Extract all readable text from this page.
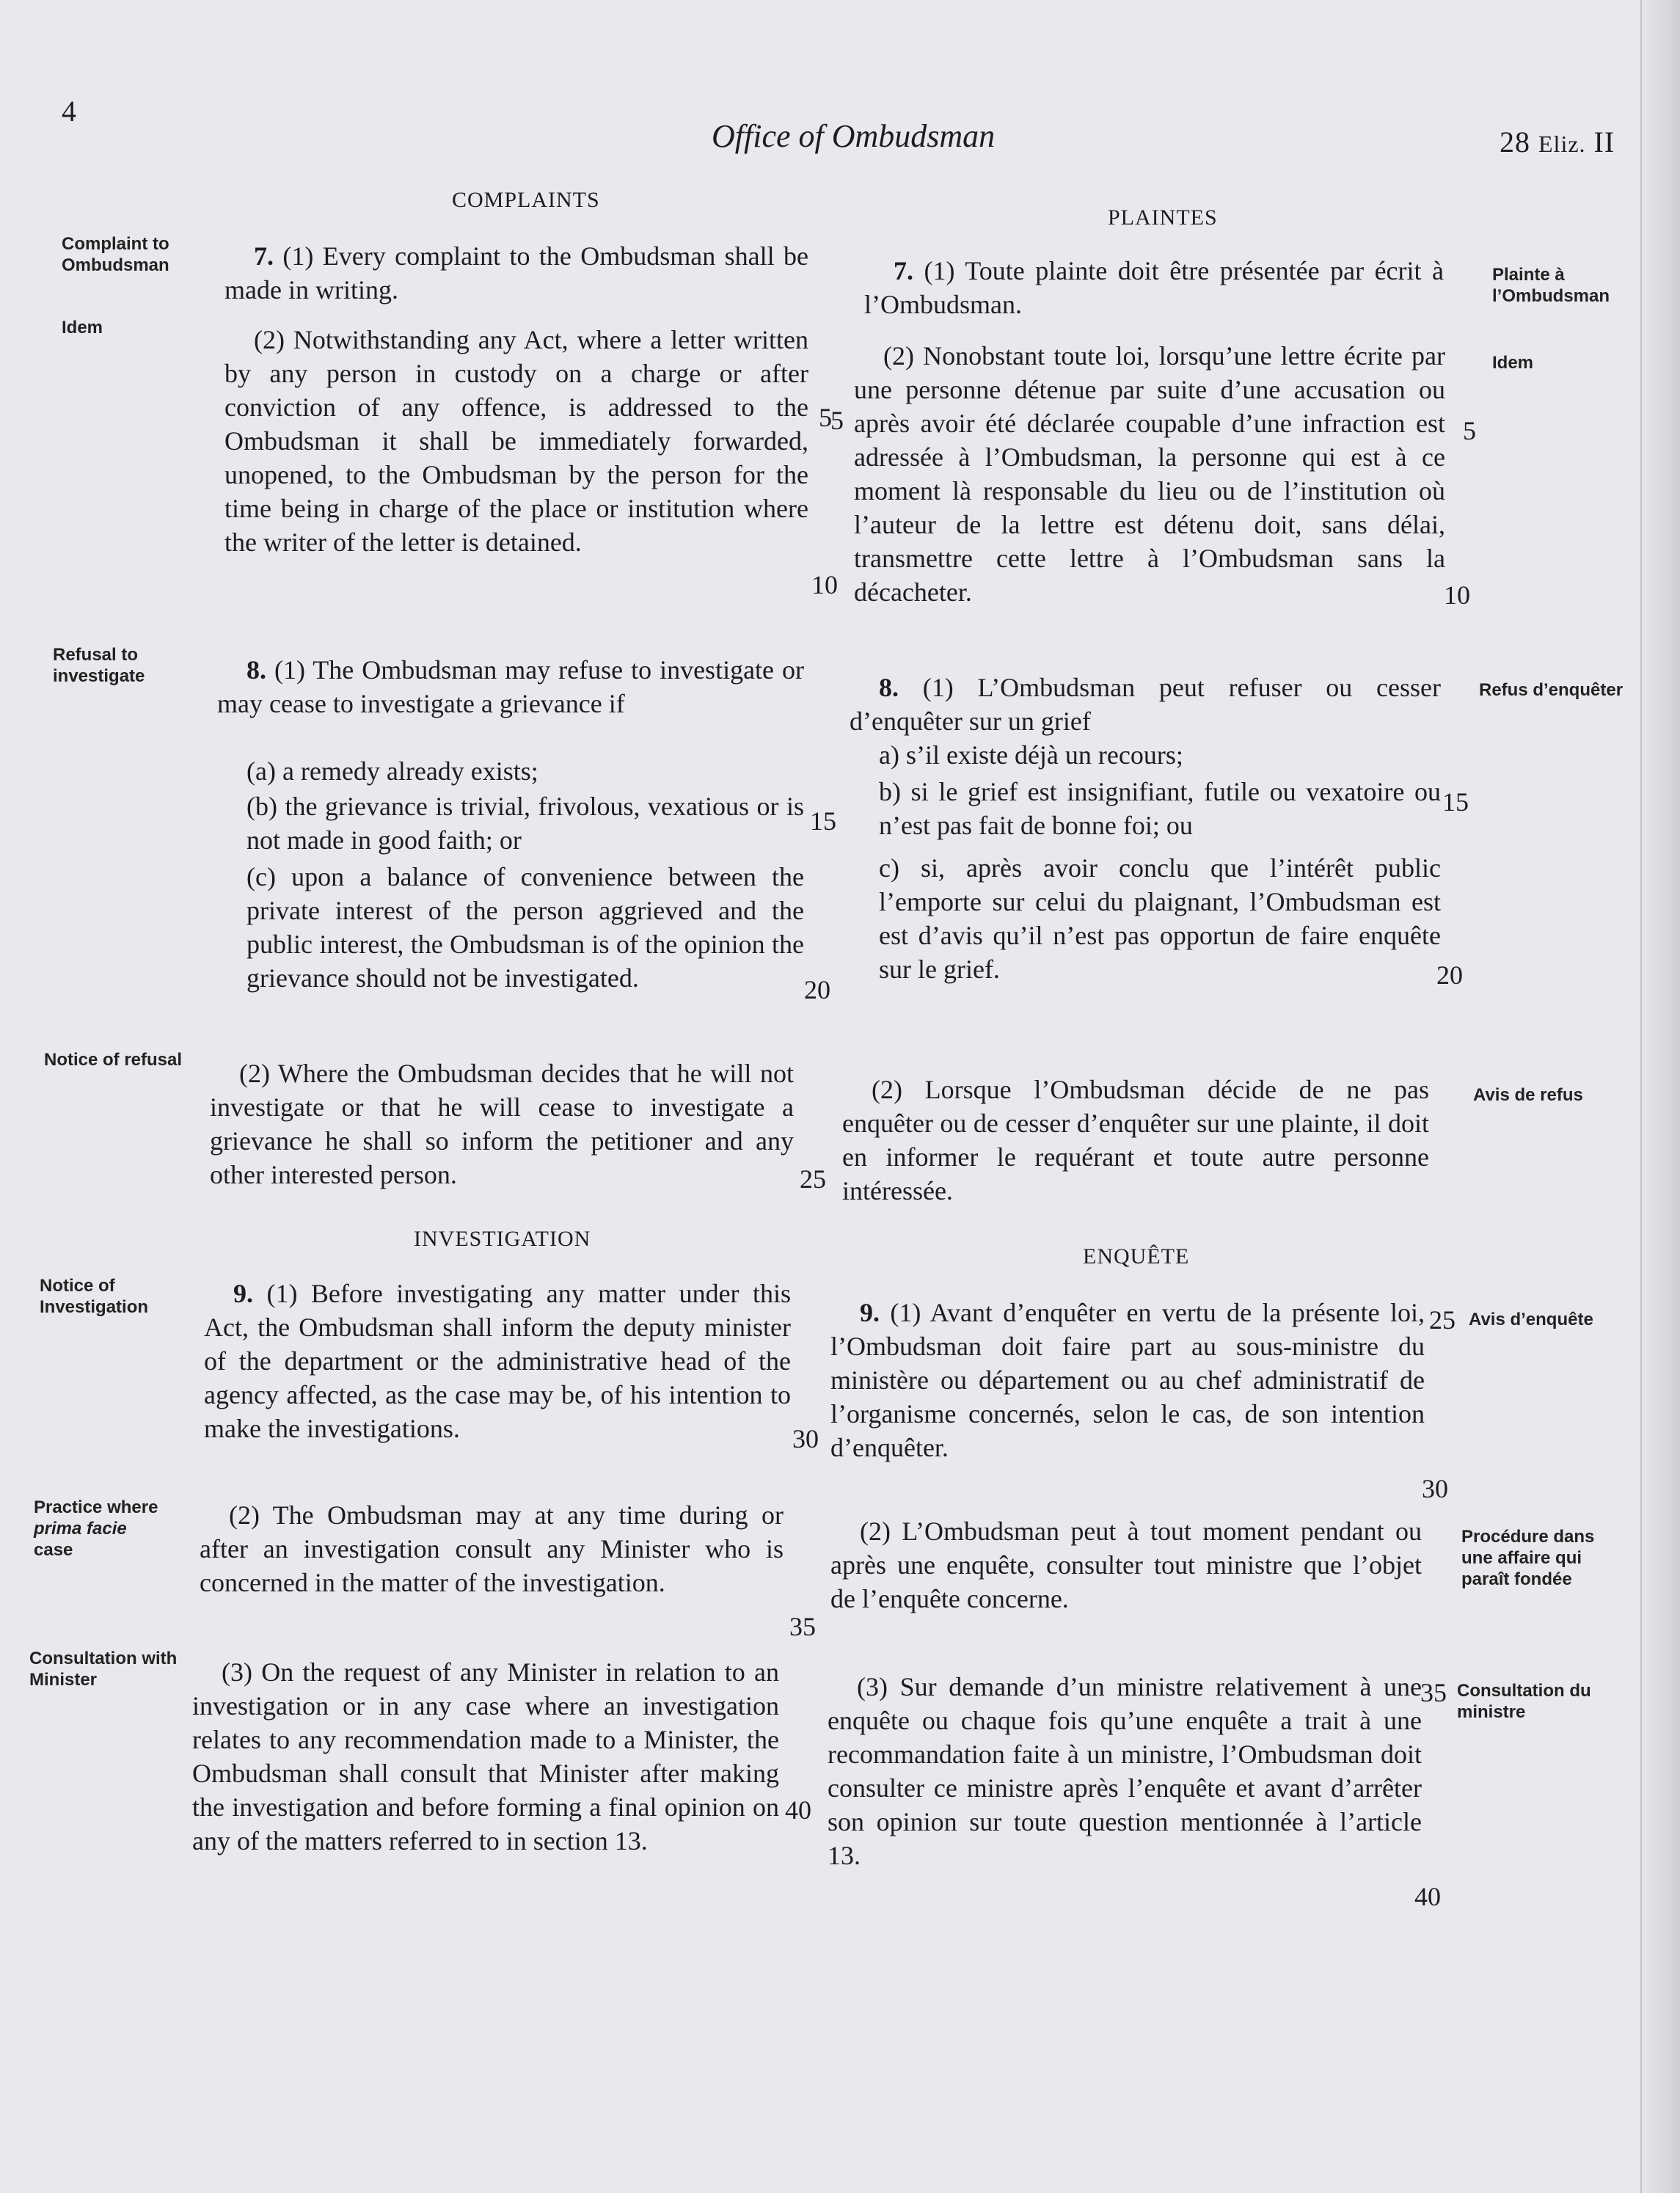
4
Office of Ombudsman	28 Eliz. II
COMPLAINTS
Complaint to Ombudsman	7. (1) Every complaint to the Ombudsman shall be made in writing.
Idem	(2) Notwithstanding any Act, where a letter written by any person in custody on a charge or after conviction of any offence, is addressed to the Ombudsman it shall be immediately forwarded, unopened, to the Ombudsman by the person for the time being in charge of the place or institution where the writer of the letter is detained.
Refusal to investigate	8. (1) The Ombudsman may refuse to investigate or may cease to investigate a grievance if
(a) a remedy already exists;
(b) the grievance is trivial, frivolous, vexatious or is not made in good faith; or
(c) upon a balance of convenience between the private interest of the person aggrieved and the public interest, the Ombudsman is of the opinion the grievance should not be investigated.
Notice of refusal	(2) Where the Ombudsman decides that he will not investigate or that he will cease to investigate a grievance he shall so inform the petitioner and any other interested person.
INVESTIGATION
Notice of Investigation	9. (1) Before investigating any matter under this Act, the Ombudsman shall inform the deputy minister of the department or the administrative head of the agency affected, as the case may be, of his intention to make the investigations.
Practice where
prima facie
case
(2) The Ombudsman may at any time during or after an investigation consult any Minister who is concerned in the matter of the investigation.
Consultation with Minister	(3) On the request of any Minister in relation to an investigation or in any case where an investigation relates to any recommendation made to a Minister, the Ombudsman shall consult that Minister after making the investigation and before forming a final opinion on any of the matters referred to in section 13.
5
10
15
20
25
30
35
40
PLAINTES
7. (1) Toute plainte doit être présentée par écrit à l’Ombudsman.
Plainte à l’Ombudsman
(2) Nonobstant toute loi, lorsqu’une lettre écrite par une personne détenue par suite d’une accusation ou après avoir été déclarée coupable d’une infraction est adressée à l’Ombudsman, la personne qui est à ce moment là responsable du lieu ou de l’institution où l’auteur de la lettre est détenu doit, sans délai, transmettre cette lettre à l’Ombudsman sans la décacheter.
Idem
8. (1) L’Ombudsman peut refuser ou cesser d’enquêter sur un grief
Refus d’enquêter
a) s’il existe déjà un recours;
b) si le grief est insignifiant, futile ou vexatoire ou n’est pas fait de bonne foi; ou
c) si, après avoir conclu que l’intérêt public l’emporte sur celui du plaignant, l’Ombudsman est est d’avis qu’il n’est pas opportun de faire enquête sur le grief.
(2) Lorsque l’Ombudsman décide de ne pas enquêter ou de cesser d’enquêter sur une plainte, il doit en informer le requérant et toute autre personne intéressée.
Avis de refus
ENQUÊTE
9. (1) Avant d’enquêter en vertu de la présente loi, l’Ombudsman doit faire part au sous-ministre du ministère ou département ou au chef administratif de l’organisme concernés, selon le cas, de son intention d’enquêter.
Avis d’enquête
(2) L’Ombudsman peut à tout moment pendant ou après une enquête, consulter tout ministre que l’objet de l’enquête concerne.
Procédure dans une affaire qui paraît fondée
(3) Sur demande d’un ministre relativement à une enquête ou chaque fois qu’une enquête a trait à une recommandation faite à un ministre, l’Ombudsman doit consulter ce ministre après l’enquête et avant d’arrêter son opinion sur toute question mentionnée à l’article 13.
Consultation du ministre
5	5
10
15
20
25
30
35
40
